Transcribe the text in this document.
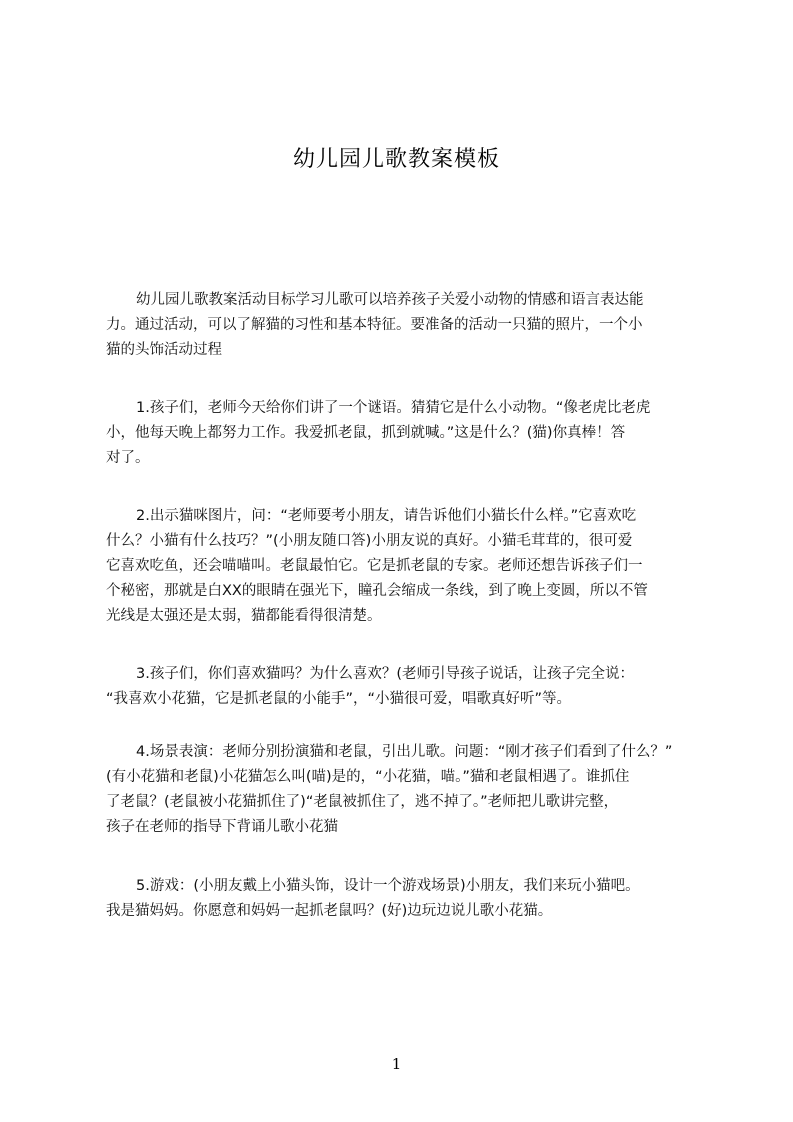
幼儿园儿歌教案模板
幼儿园儿歌教案活动目标学习儿歌可以培养孩子关爱小动物的情感和语言表达能
力。通过活动，可以了解猫的习性和基本特征。要准备的活动一只猫的照片，一个小
猫的头饰活动过程
1.孩子们，老师今天给你们讲了一个谜语。猜猜它是什么小动物。“像老虎比老虎
小，他每天晚上都努力工作。我爱抓老鼠，抓到就喊。”这是什么？(猫)你真棒！答
对了。
2.出示猫咪图片，问：“老师要考小朋友，请告诉他们小猫长什么样。”它喜欢吃
什么？小猫有什么技巧？”(小朋友随口答)小朋友说的真好。小猫毛茸茸的，很可爱
它喜欢吃鱼，还会喵喵叫。老鼠最怕它。它是抓老鼠的专家。老师还想告诉孩子们一
个秘密，那就是白XX的眼睛在强光下，瞳孔会缩成一条线，到了晚上变圆，所以不管
光线是太强还是太弱，猫都能看得很清楚。
3.孩子们，你们喜欢猫吗？为什么喜欢？(老师引导孩子说话，让孩子完全说：
“我喜欢小花猫，它是抓老鼠的小能手”，“小猫很可爱，唱歌真好听”等。
4.场景表演：老师分别扮演猫和老鼠，引出儿歌。问题：“刚才孩子们看到了什么？”
(有小花猫和老鼠)小花猫怎么叫(喵)是的，“小花猫，喵。”猫和老鼠相遇了。谁抓住
了老鼠？(老鼠被小花猫抓住了)“老鼠被抓住了，逃不掉了。”老师把儿歌讲完整，
孩子在老师的指导下背诵儿歌小花猫
5.游戏：(小朋友戴上小猫头饰，设计一个游戏场景)小朋友，我们来玩小猫吧。
我是猫妈妈。你愿意和妈妈一起抓老鼠吗？(好)边玩边说儿歌小花猫。
1
